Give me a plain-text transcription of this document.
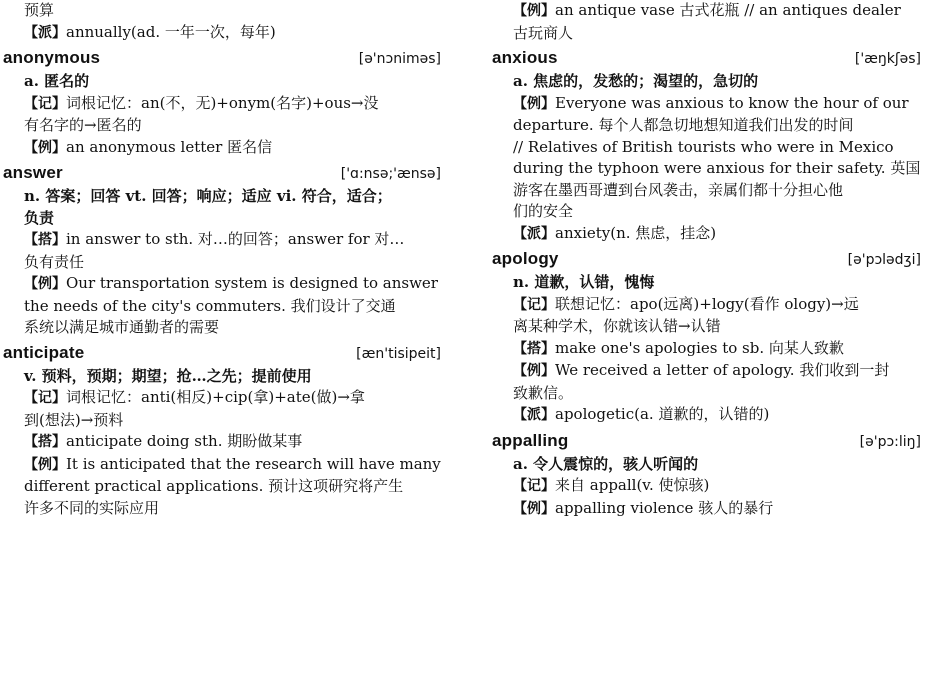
预算
【派】annually(ad. 一年一次，每年)
anonymous	[ə'nɔniməs]
a. 匿名的
【记】词根记忆：an(不，无)+onym(名字)+ous→没
有名字的→匿名的
【例】an anonymous letter 匿名信
answer	['ɑ:nsə;'ænsə]
n. 答案；回答 vt. 回答；响应；适应 vi. 符合，适合；
负责
【搭】in answer to sth. 对…的回答；answer for 对…
负有责任
【例】Our transportation system is designed to answer
the needs of the city's commuters. 我们设计了交通
系统以满足城市通勤者的需要
anticipate	[æn'tisipeit]
v. 预料，预期；期望；抢…之先；提前使用
【记】词根记忆：anti(相反)+cip(拿)+ate(做)→拿
到(想法)→预料
【搭】anticipate doing sth. 期盼做某事
【例】It is anticipated that the research will have many
different practical applications. 预计这项研究将产生
许多不同的实际应用
【例】an antique vase 古式花瓶 // an antiques dealer
古玩商人
anxious	['æŋkʃəs]
a. 焦虑的，发愁的；渴望的，急切的
【例】Everyone was anxious to know the hour of our
departure. 每个人都急切地想知道我们出发的时间
// Relatives of British tourists who were in Mexico
during the typhoon were anxious for their safety. 英国
游客在墨西哥遭到台风袭击，亲属们都十分担心他
们的安全
【派】anxiety(n. 焦虑，挂念)
apology	[ə'pɔlədʒi]
n. 道歉，认错，愧悔
【记】联想记忆：apo(远离)+logy(看作 ology)→远
离某种学术，你就该认错→认错
【搭】make one's apologies to sb. 向某人致歉
【例】We received a letter of apology. 我们收到一封
致歉信。
【派】apologetic(a. 道歉的，认错的)
appalling	[ə'pɔ:liŋ]
a. 令人震惊的，骇人听闻的
【记】来自 appall(v. 使惊骇)
【例】appalling violence 骇人的暴行
